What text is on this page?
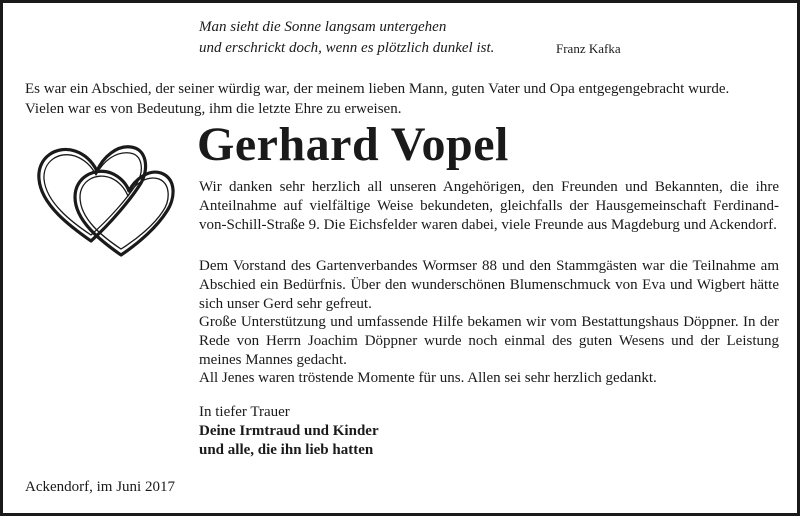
Man sieht die Sonne langsam untergehen
und erschrickt doch, wenn es plötzlich dunkel ist.	Franz Kafka
Es war ein Abschied, der seiner würdig war, der meinem lieben Mann, guten Vater und Opa entgegengebracht wurde.
Vielen war es von Bedeutung, ihm die letzte Ehre zu erweisen.
Gerhard Vopel
Wir danken sehr herzlich all unseren Angehörigen, den Freunden und Bekannten, die ihre Anteilnahme auf vielfältige Weise bekundeten, gleichfalls der Hausgemeinschaft Ferdinand-von-Schill-Straße 9. Die Eichsfelder waren dabei, viele Freunde aus Magdeburg und Ackendorf.
Dem Vorstand des Gartenverbandes Wormser 88 und den Stammgästen war die Teilnahme am Abschied ein Bedürfnis. Über den wunderschönen Blumenschmuck von Eva und Wigbert hätte sich unser Gerd sehr gefreut.
Große Unterstützung und umfassende Hilfe bekamen wir vom Bestattungshaus Döppner. In der Rede von Herrn Joachim Döppner wurde noch einmal des guten Wesens und der Leistung meines Mannes gedacht.
All Jenes waren tröstende Momente für uns. Allen sei sehr herzlich gedankt.
In tiefer Trauer
Deine Irmtraud und Kinder
und alle, die ihn lieb hatten
Ackendorf, im Juni 2017
